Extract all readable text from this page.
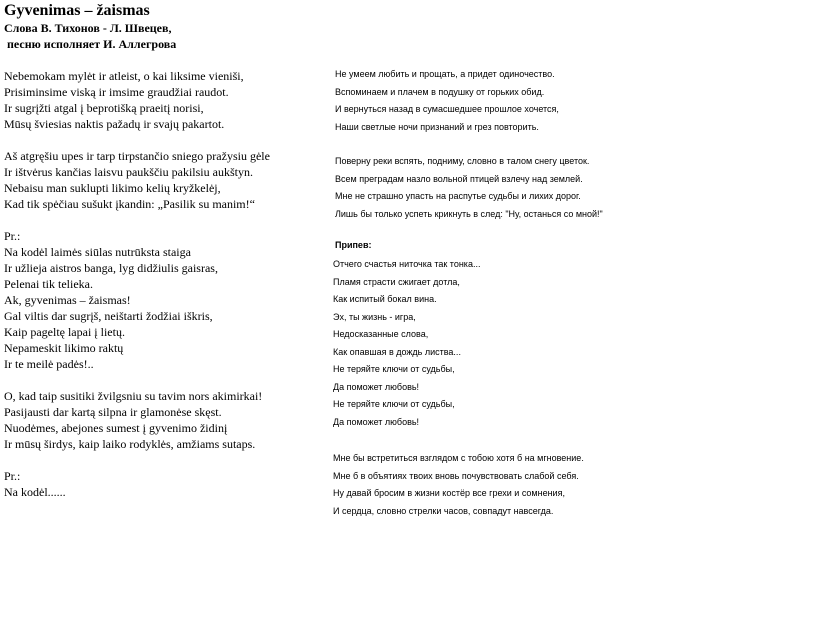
Gyvenimas – žaismas
Слова В. Тихонов - Л. Швецев,
песню исполняет И. Аллегрова
Nebemokam mylėt ir atleist, o kai liksime vieniši,
Prisiminsime viską ir imsime graudžiai raudot.
Ir sugrįžti atgal į beprotišką praeitį norisi,
Mūsų šviesias naktis pažadų ir svajų pakartot.
Aš atgręšiu upes ir tarp tirpstančio sniego pražysiu gėle
Ir ištvėrus kančias laisvu paukščiu pakilsiu aukštyn.
Nebaisu man suklupti likimo kelių kryžkelėj,
Kad tik spėčiau sušukt įkandin: „Pasilik su manim!“
Pr.:
Na kodėl laimės siūlas nutrūksta staiga
Ir užlieja aistros banga, lyg didžiulis gaisras,
Pelenai tik telieka.
Ak, gyvenimas – žaismas!
Gal viltis dar sugrįš, neištarti žodžiai iškris,
Kaip pageltę lapai į lietų.
Nepameskit likimo raktų
Ir te meilė padės!..
O, kad taip susitiki žvilgsniu su tavim nors akimirkai!
Pasijausti dar kartą silpna ir glamonėse skęst.
Nuodėmes, abejones sumest į gyvenimo židinį
Ir mūsų širdys, kaip laiko rodyklės, amžiams sutaps.
Pr.:
Na kodėl......
Не умеем любить и прощать, а придет одиночество.
Вспоминаем и плачем в подушку от горьких обид.
И вернуться назад в сумасшедшее прошлое хочется,
Наши светлые ночи признаний и грез повторить.
Поверну реки вспять, подниму, словно в талом снегу цветок.
Всем преградам назло вольной птицей взлечу над землей.
Мне не страшно упасть на распутье судьбы и лихих дорог.
Лишь бы только успеть крикнуть в след: "Ну, останься со мной!"
Припев:
Отчего счастья ниточка так тонка...
Пламя страсти сжигает дотла,
Как испитый бокал вина.
Эх, ты жизнь - игра,
Недосказанные слова,
Как опавшая в дождь листва...
Не теряйте ключи от судьбы,
Да поможет любовь!
Не теряйте ключи от судьбы,
Да поможет любовь!
Мне бы встретиться взглядом с тобою хотя б на мгновение.
Мне б в объятиях твоих вновь почувствовать слабой себя.
Ну давай бросим в жизни костёр все грехи и сомнения,
И сердца, словно стрелки часов, совпадут навсегда.
